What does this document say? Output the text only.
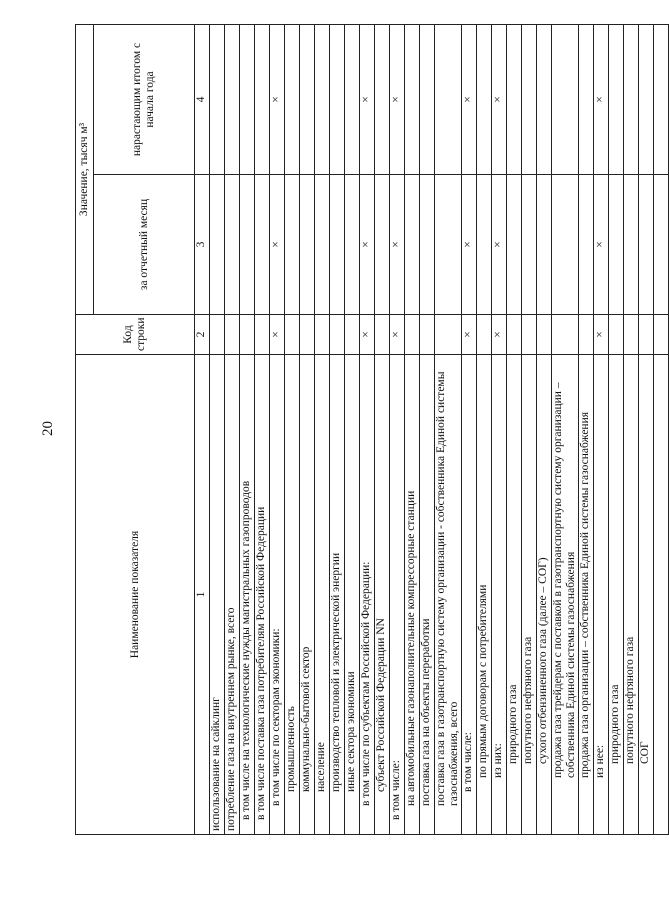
20
Наименование показателя	Код строки	Значение, тысяч м³	
		за отчетный месяц	нарастающим итогом с начала года
1	2	3	4
использование на сайклинг			
потребление газа на внутреннем рынке, всего			
в том числе на технологические нужды магистральных газопроводов			
в том числе поставка газа потребителям Российской Федерации			
в том числе по секторам экономики:	×	×	×
промышленность			
коммунально-бытовой сектор			
население			
производство тепловой и электрической энергии			
иные сектора экономики			
в том числе по субъектам Российской Федерации:	×	×	×
субъект Российской Федерации NN			
в том числе:	×	×	×
на автомобильные газонаполнительные компрессорные станции			
поставка газа на объекты переработки			
поставка газа в газотранспортную систему организации - собственника Единой системы газоснабжения, всего			
в том числе:	×	×	×
по прямым договорам с потребителями			
из них:	×	×	×
природного газа			
попутного нефтяного газа			
сухого отбензиненного газа (далее – СОГ)			
продажа газа трейдерам с поставкой в газотранспортную систему организации – собственника Единой системы газоснабжения			
продажа газа организации – собственника Единой системы газоснабжения			
из нее:	×	×	×
природного газа			
попутного нефтяного газа			
СОГ			
